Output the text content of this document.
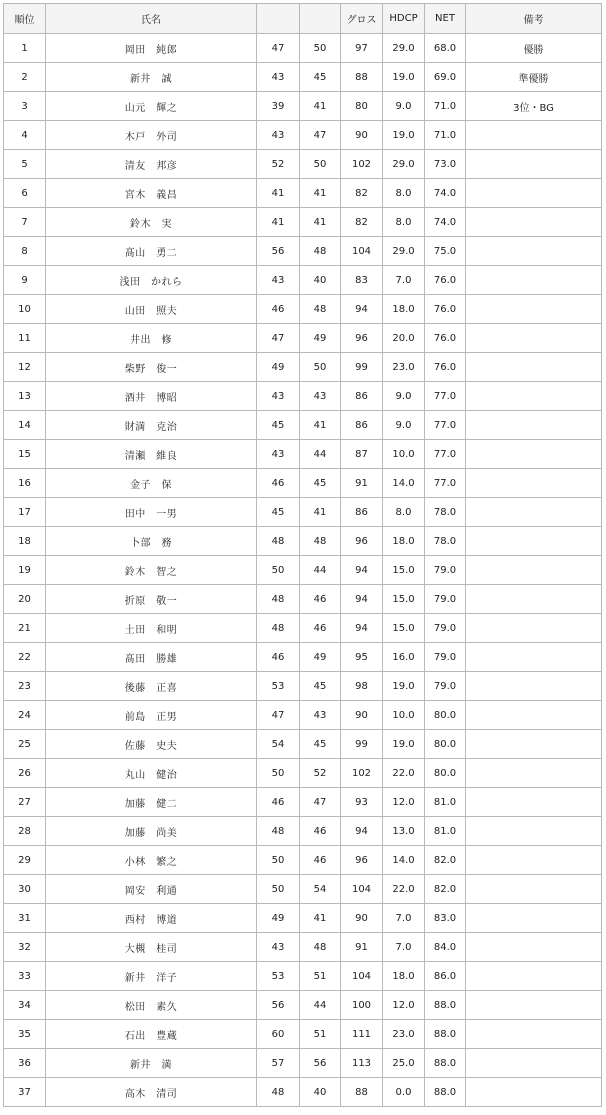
順位	氏名			グロス	HDCP	NET	備考
1	岡田　純郎	47	50	97	29.0	68.0	優勝
2	新井　誠	43	45	88	19.0	69.0	準優勝
3	山元　輝之	39	41	80	9.0	71.0	3位・BG
4	木戸　外司	43	47	90	19.0	71.0	
5	清友　邦彦	52	50	102	29.0	73.0	
6	宮木　義昌	41	41	82	8.0	74.0	
7	鈴木　実	41	41	82	8.0	74.0	
8	髙山　勇二	56	48	104	29.0	75.0	
9	浅田　かれら	43	40	83	7.0	76.0	
10	山田　照夫	46	48	94	18.0	76.0	
11	井出　修	47	49	96	20.0	76.0	
12	柴野　俊一	49	50	99	23.0	76.0	
13	酒井　博昭	43	43	86	9.0	77.0	
14	財満　克治	45	41	86	9.0	77.0	
15	清瀬　維良	43	44	87	10.0	77.0	
16	金子　保	46	45	91	14.0	77.0	
17	田中　一男	45	41	86	8.0	78.0	
18	卜部　務	48	48	96	18.0	78.0	
19	鈴木　智之	50	44	94	15.0	79.0	
20	折原　敬一	48	46	94	15.0	79.0	
21	土田　和明	48	46	94	15.0	79.0	
22	髙田　勝雄	46	49	95	16.0	79.0	
23	後藤　正喜	53	45	98	19.0	79.0	
24	前島　正男	47	43	90	10.0	80.0	
25	佐藤　史夫	54	45	99	19.0	80.0	
26	丸山　健治	50	52	102	22.0	80.0	
27	加藤　健二	46	47	93	12.0	81.0	
28	加藤　尚美	48	46	94	13.0	81.0	
29	小林　繁之	50	46	96	14.0	82.0	
30	岡安　利通	50	54	104	22.0	82.0	
31	西村　博道	49	41	90	7.0	83.0	
32	大槻　桂司	43	48	91	7.0	84.0	
33	新井　洋子	53	51	104	18.0	86.0	
34	松田　素久	56	44	100	12.0	88.0	
35	石出　豊蔵	60	51	111	23.0	88.0	
36	新井　満	57	56	113	25.0	88.0	
37	高木　清司	48	40	88	0.0	88.0	
